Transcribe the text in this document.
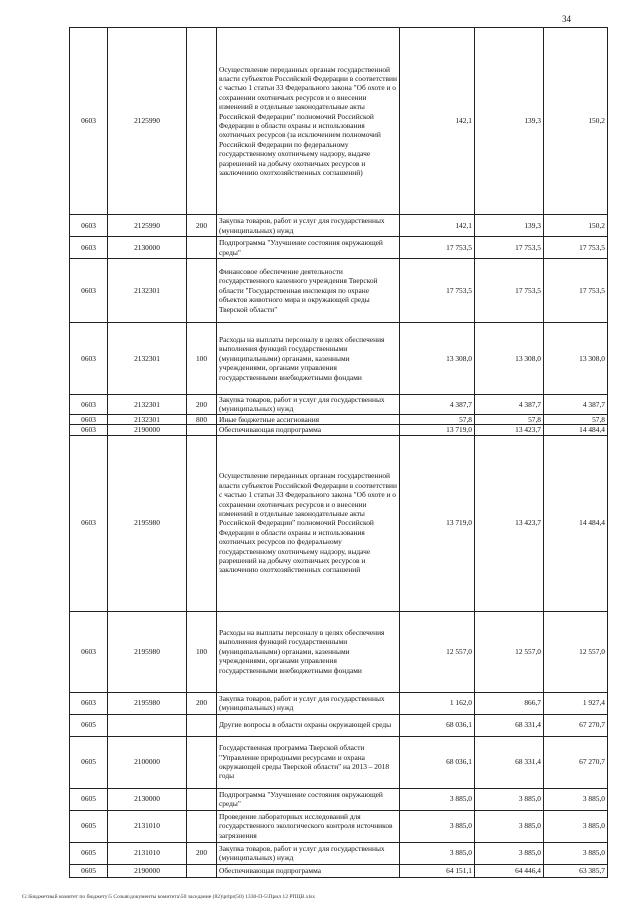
34
0603	2125990		Осуществление переданных органам государственной власти субъектов Российской Федерации в соответствии с частью 1 статьи 33 Федерального закона "Об охоте и о сохранении охотничьих ресурсов и о внесении изменений в отдельные законодательные акты Российской Федерации" полномочий Российской Федерации в области охраны и использования охотничьих ресурсов (за исключением полномочий Российской Федерации по федеральному государственному охотничьему надзору, выдаче разрешений на добычу охотничьих ресурсов и заключению охотхозяйственных соглашений)	142,1	139,3	150,2
0603	2125990	200	Закупка товаров, работ и услуг для государственных (муниципальных) нужд	142,1	139,3	150,2
0603	2130000		Подпрограмма "Улучшение состояния окружающей среды"	17 753,5	17 753,5	17 753,5
0603	2132301		Финансовое обеспечение деятельности государственного казенного учреждения Тверской области "Государственная инспекция по охране объектов животного мира и окружающей среды Тверской области"	17 753,5	17 753,5	17 753,5
0603	2132301	100	Расходы на выплаты персоналу в целях обеспечения выполнения функций государственными (муниципальными) органами, казенными учреждениями, органами управления государственными внебюджетными фондами	13 308,0	13 308,0	13 308,0
0603	2132301	200	Закупка товаров, работ и услуг для государственных (муниципальных) нужд	4 387,7	4 387,7	4 387,7
0603	2132301	800	Иные бюджетные ассигнования	57,8	57,8	57,8
0603	2190000		Обеспечивающая подпрограмма	13 719,0	13 423,7	14 484,4
0603	2195980		Осуществление переданных органам государственной власти субъектов Российской Федерации в соответствии с частью 1 статьи 33 Федерального закона "Об охоте и о сохранении охотничьих ресурсов и о внесении изменений в отдельные законодательные акты Российской Федерации" полномочий Российской Федерации в области охраны и использования охотничьих ресурсов по федеральному государственному охотничьему надзору, выдаче разрешений на добычу охотничьих ресурсов и заключению охотхозяйственных соглашений	13 719,0	13 423,7	14 484,4
0603	2195980	100	Расходы на выплаты персоналу в целях обеспечения выполнения функций государственными (муниципальными) органами, казенными учреждениями, органами управления государственными внебюджетными фондами	12 557,0	12 557,0	12 557,0
0603	2195980	200	Закупка товаров, работ и услуг для государственных (муниципальных) нужд	1 162,0	866,7	1 927,4
0605			Другие вопросы в области охраны окружающей среды	68 036,1	68 331,4	67 270,7
0605	2100000		Государственная программа Тверской области "Управление природными ресурсами и охрана окружающей среды Тверской области" на 2013 – 2018 годы	68 036,1	68 331,4	67 270,7
0605	2130000		Подпрограмма "Улучшение состояния окружающей среды"	3 885,0	3 885,0	3 885,0
0605	2131010		Проведение лабораторных исследований для государственного экологического контроля источников загрязнения	3 885,0	3 885,0	3 885,0
0605	2131010	200	Закупка товаров, работ и услуг для государственных (муниципальных) нужд	3 885,0	3 885,0	3 885,0
0605	2190000		Обеспечивающая подпрограмма	64 151,1	64 446,4	63 385,7
G:\Бюджетный комитет по бюджету\5 Созыв\документы комитета\50 заседание (82)\prlpr(50) 1330-П-5\Прил 12 РПЦВ.xlsx
